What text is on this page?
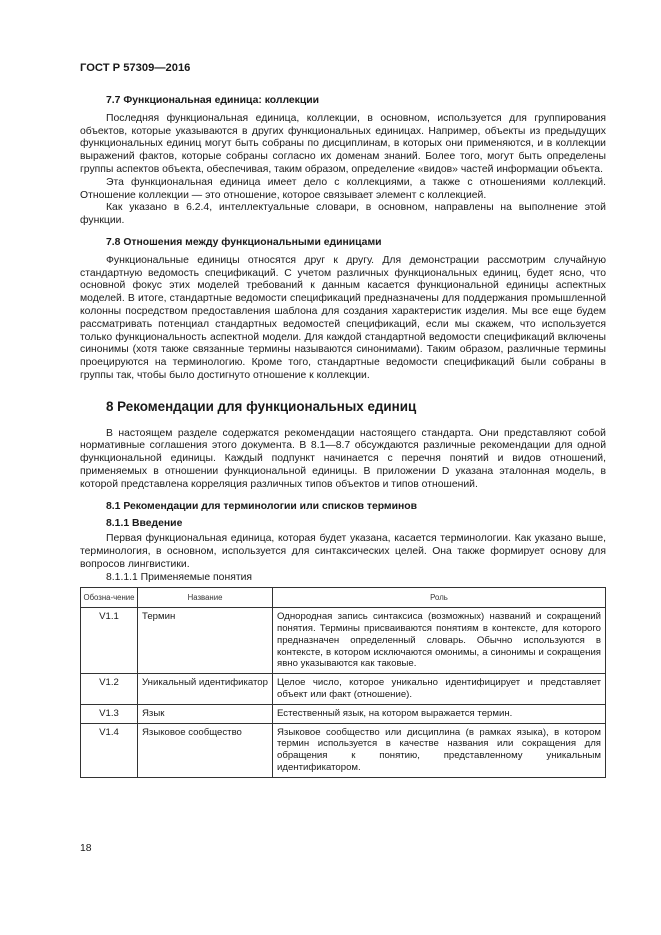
ГОСТ Р 57309—2016
7.7 Функциональная единица: коллекции

Последняя функциональная единица, коллекции, в основном, используется для группирования объектов, которые указываются в других функциональных единицах. Например, объекты из предыдущих функциональных единиц могут быть собраны по дисциплинам, в которых они применяются, и в коллекции выражений фактов, которые собраны согласно их доменам знаний. Более того, могут быть определены группы аспектов объекта, обеспечивая, таким образом, определение «видов» частей информации объекта.

Эта функциональная единица имеет дело с коллекциями, а также с отношениями коллекций. Отношение коллекции — это отношение, которое связывает элемент с коллекцией.

Как указано в 6.2.4, интеллектуальные словари, в основном, направлены на выполнение этой функции.

7.8 Отношения между функциональными единицами

Функциональные единицы относятся друг к другу. Для демонстрации рассмотрим случайную стандартную ведомость спецификаций. С учетом различных функциональных единиц, будет ясно, что основной фокус этих моделей требований к данным касается функциональной единицы аспектных моделей. В итоге, стандартные ведомости спецификаций предназначены для поддержания промышленной колонны посредством предоставления шаблона для создания характеристик изделия. Мы все еще будем рассматривать потенциал стандартных ведомостей спецификаций, если мы скажем, что используется только функциональность аспектной модели. Для каждой стандартной ведомости спецификаций включены синонимы (хотя также связанные термины называются синонимами). Таким образом, различные термины проецируются на терминологию. Кроме того, стандартные ведомости спецификаций были собраны в группы так, чтобы было достигнуто отношение к коллекции.

8 Рекомендации для функциональных единиц

В настоящем разделе содержатся рекомендации настоящего стандарта. Они представляют собой нормативные соглашения этого документа. В 8.1—8.7 обсуждаются различные рекомендации для одной функциональной единицы. Каждый подпункт начинается с перечня понятий и видов отношений, применяемых в отношении функциональной единицы. В приложении D указана эталонная модель, в которой представлена корреляция различных типов объектов и типов отношений.

8.1 Рекомендации для терминологии или списков терминов
8.1.1 Введение

Первая функциональная единица, которая будет указана, касается терминологии. Как указано выше, терминология, в основном, используется для синтаксических целей. Она также формирует основу для вопросов лингвистики.

8.1.1.1 Применяемые понятия
Обозна-чение	Название	Роль
V1.1	Термин	Однородная запись синтаксиса (возможных) названий и сокращений понятия. Термины присваиваются понятиям в контексте, для которого предназначен определенный словарь. Обычно используются в контексте, в котором исключаются омонимы, а синонимы и сокращения явно указываются как таковые.
V1.2	Уникальный идентификатор	Целое число, которое уникально идентифицирует и представляет объект или факт (отношение).
V1.3	Язык	Естественный язык, на котором выражается термин.
V1.4	Языковое сообщество	Языковое сообщество или дисциплина (в рамках языка), в котором термин используется в качестве названия или сокращения для обращения к понятию, представленному уникальным идентификатором.
18
